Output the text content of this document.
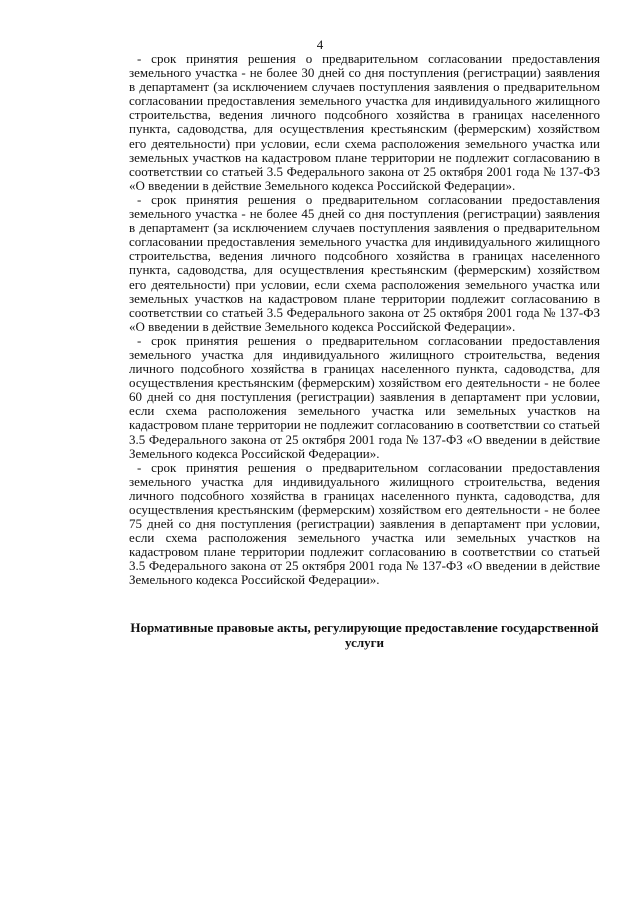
4

- срок принятия решения о предварительном согласовании предоставления земельного участка - не более 30 дней со дня поступления (регистрации) заявления в департамент (за исключением случаев поступления заявления о предварительном согласовании предоставления земельного участка для индивидуального жилищного строительства, ведения личного подсобного хозяйства в границах населенного пункта, садоводства, для осуществления крестьянским (фермерским) хозяйством его деятельности) при условии, если схема расположения земельного участка или земельных участков на кадастровом плане территории не подлежит согласованию в соответствии со статьей 3.5 Федерального закона от 25 октября 2001 года № 137-ФЗ «О введении в действие Земельного кодекса Российской Федерации».

- срок принятия решения о предварительном согласовании предоставления земельного участка - не более 45 дней со дня поступления (регистрации) заявления в департамент (за исключением случаев поступления заявления о предварительном согласовании предоставления земельного участка для индивидуального жилищного строительства, ведения личного подсобного хозяйства в границах населенного пункта, садоводства, для осуществления крестьянским (фермерским) хозяйством его деятельности) при условии, если схема расположения земельного участка или земельных участков на кадастровом плане территории подлежит согласованию в соответствии со статьей 3.5 Федерального закона от 25 октября 2001 года № 137-ФЗ «О введении в действие Земельного кодекса Российской Федерации».

- срок принятия решения о предварительном согласовании предоставления земельного участка для индивидуального жилищного строительства, ведения личного подсобного хозяйства в границах населенного пункта, садоводства, для осуществления крестьянским (фермерским) хозяйством его деятельности - не более 60 дней со дня поступления (регистрации) заявления в департамент при условии, если схема расположения земельного участка или земельных участков на кадастровом плане территории не подлежит согласованию в соответствии со статьей 3.5 Федерального закона от 25 октября 2001 года № 137-ФЗ «О введении в действие Земельного кодекса Российской Федерации».

- срок принятия решения о предварительном согласовании предоставления земельного участка для индивидуального жилищного строительства, ведения личного подсобного хозяйства в границах населенного пункта, садоводства, для осуществления крестьянским (фермерским) хозяйством его деятельности - не более 75 дней со дня поступления (регистрации) заявления в департамент при условии, если схема расположения земельного участка или земельных участков на кадастровом плане территории подлежит согласованию в соответствии со статьей 3.5 Федерального закона от 25 октября 2001 года № 137-ФЗ «О введении в действие Земельного кодекса Российской Федерации».

Нормативные правовые акты, регулирующие предоставление государственной услуги
